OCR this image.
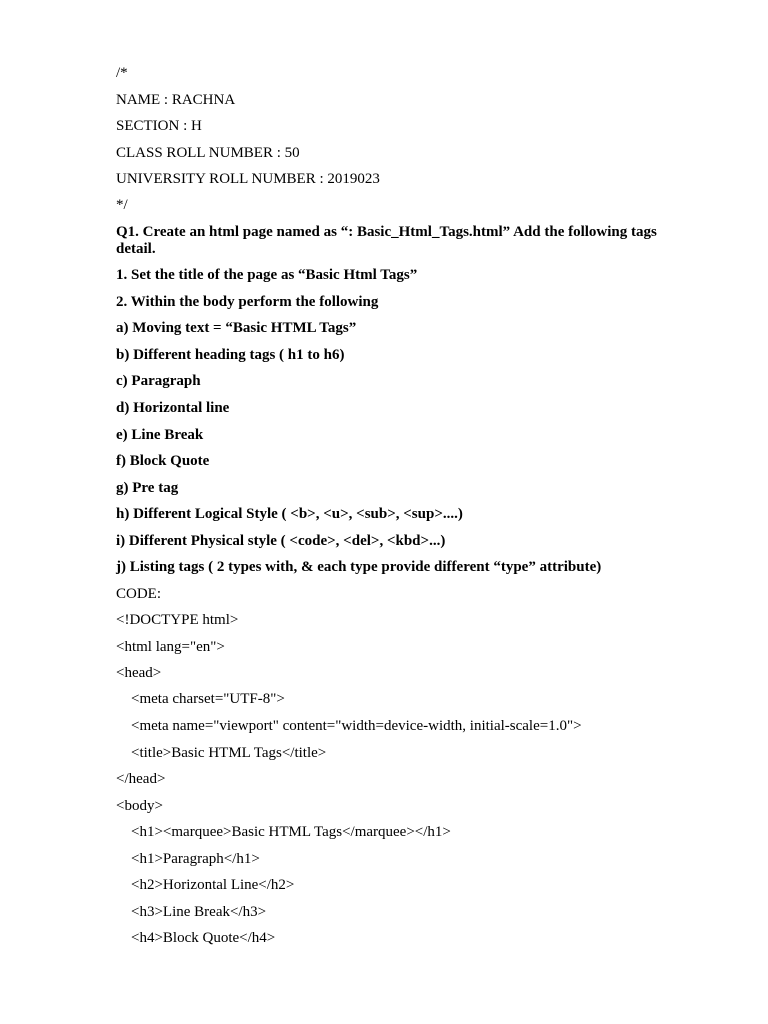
/*
NAME : RACHNA
SECTION : H
CLASS ROLL NUMBER : 50
UNIVERSITY ROLL NUMBER : 2019023
*/
Q1. Create an html page named as “: Basic_Html_Tags.html” Add the following tags detail.
1. Set the title of the page as “Basic Html Tags”
2. Within the body perform the following
a) Moving text = “Basic HTML Tags”
b) Different heading tags ( h1 to h6)
c) Paragraph
d) Horizontal line
e) Line Break
f) Block Quote
g) Pre tag
h) Different Logical Style ( <b>, <u>, <sub>, <sup>....)
i) Different Physical style ( <code>, <del>, <kbd>...)
j) Listing tags ( 2 types with, & each type provide different “type” attribute)
CODE:
<!DOCTYPE html>
<html lang="en">
<head>
<meta charset="UTF-8">
<meta name="viewport" content="width=device-width, initial-scale=1.0">
<title>Basic HTML Tags</title>
</head>
<body>
<h1><marquee>Basic HTML Tags</marquee></h1>
<h1>Paragraph</h1>
<h2>Horizontal Line</h2>
<h3>Line Break</h3>
<h4>Block Quote</h4>
